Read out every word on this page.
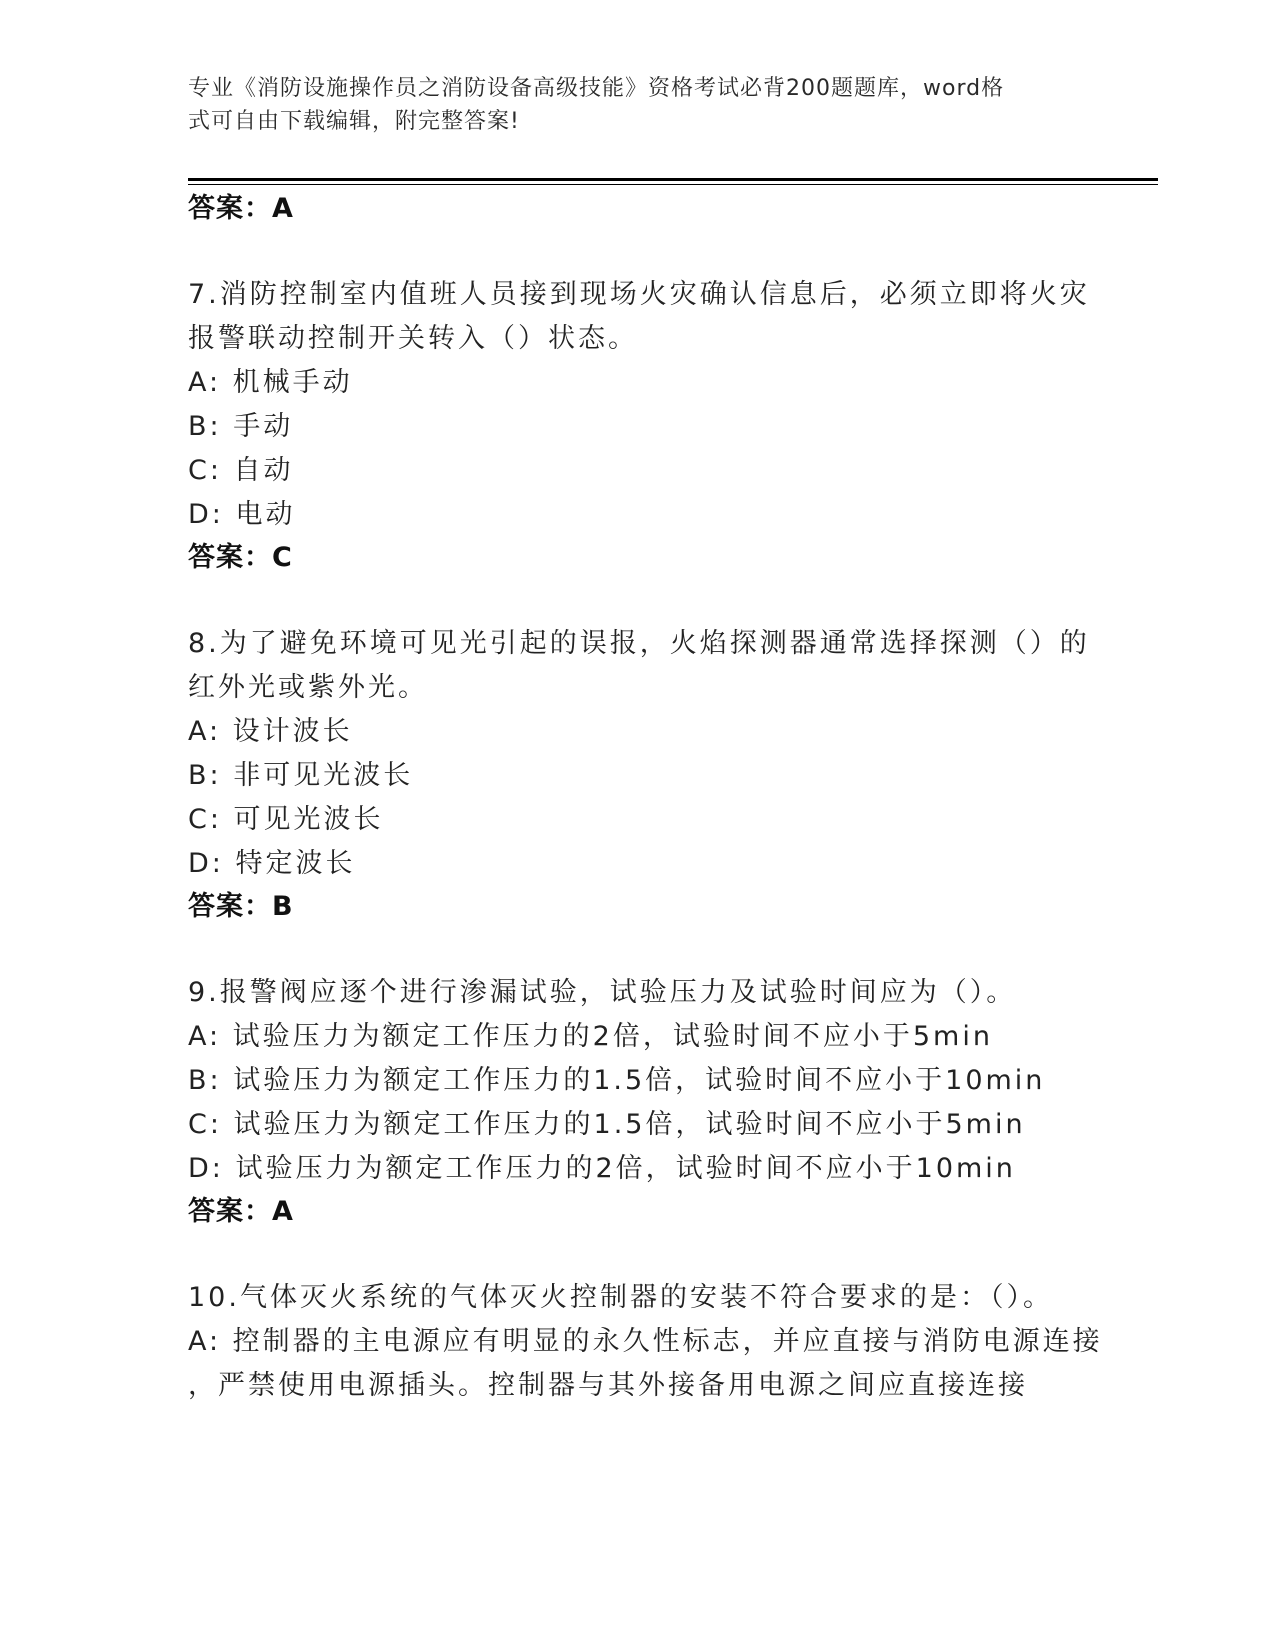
专业《消防设施操作员之消防设备高级技能》资格考试必背200题题库，word格
式可自由下载编辑，附完整答案!
答案：A
7.消防控制室内值班人员接到现场火灾确认信息后，必须立即将火灾
报警联动控制开关转入（）状态。
A: 机械手动
B: 手动
C: 自动
D: 电动
答案：C
8.为了避免环境可见光引起的误报，火焰探测器通常选择探测（）的
红外光或紫外光。
A: 设计波长
B: 非可见光波长
C: 可见光波长
D: 特定波长
答案：B
9.报警阀应逐个进行渗漏试验，试验压力及试验时间应为（）。
A: 试验压力为额定工作压力的2倍，试验时间不应小于5min
B: 试验压力为额定工作压力的1.5倍，试验时间不应小于10min
C: 试验压力为额定工作压力的1.5倍，试验时间不应小于5min
D: 试验压力为额定工作压力的2倍，试验时间不应小于10min
答案：A
10.气体灭火系统的气体灭火控制器的安装不符合要求的是：（）。
A: 控制器的主电源应有明显的永久性标志，并应直接与消防电源连接
，严禁使用电源插头。控制器与其外接备用电源之间应直接连接
